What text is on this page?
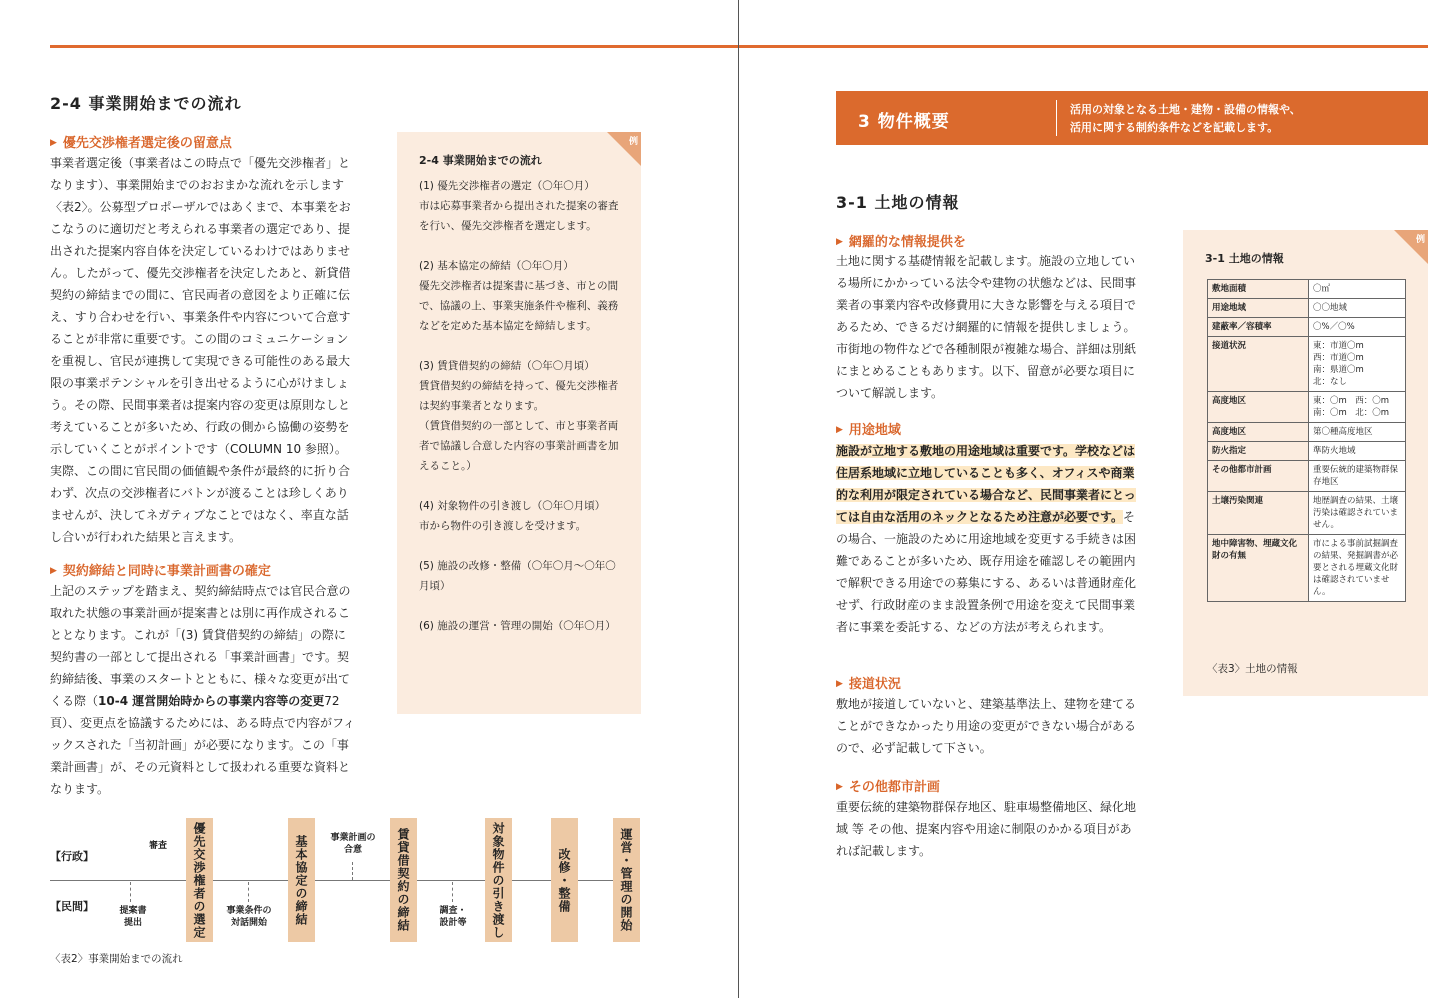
2-4 事業開始までの流れ
▶ 優先交渉権者選定後の留意点

事業者選定後（事業者はこの時点で「優先交渉権者」となります）、事業開始までのおおまかな流れを示します〈表2〉。公募型プロポーザルではあくまで、本事業をおこなうのに適切だと考えられる事業者の選定であり、提出された提案内容自体を決定しているわけではありません。したがって、優先交渉権者を決定したあと、新貸借契約の締結までの間に、官民両者の意図をより正確に伝え、すり合わせを行い、事業条件や内容について合意することが非常に重要です。この間のコミュニケーションを重視し、官民が連携して実現できる可能性のある最大限の事業ポテンシャルを引き出せるように心がけましょう。その際、民間事業者は提案内容の変更は原則なしと考えていることが多いため、行政の側から協働の姿勢を示していくことがポイントです（COLUMN 10 参照）。実際、この間に官民間の価値観や条件が最終的に折り合わず、次点の交渉権者にバトンが渡ることは珍しくありませんが、決してネガティブなことではなく、率直な話し合いが行われた結果と言えます。

▶ 契約締結と同時に事業計画書の確定

上記のステップを踏まえ、契約締結時点では官民合意の取れた状態の事業計画が提案書とは別に再作成されることとなります。これが「(3) 賃貸借契約の締結」の際に契約書の一部として提出される「事業計画書」です。契約締結後、事業のスタートとともに、様々な変更が出てくる際（10-4 運営開始時からの事業内容等の変更72頁）、変更点を協議するためには、ある時点で内容がフィックスされた「当初計画」が必要になります。この「事業計画書」が、その元資料として扱われる重要な資料となります。

例
2-4 事業開始までの流れ

(1) 優先交渉権者の選定（〇年〇月）
市は応募事業者から提出された提案の審査を行い、優先交渉権者を選定します。

(2) 基本協定の締結（〇年〇月）
優先交渉権者は提案書に基づき、市との間で、協議の上、事業実施条件や権利、義務などを定めた基本協定を締結します。

(3) 賃貸借契約の締結（〇年〇月頃）
賃貸借契約の締結を持って、優先交渉権者は契約事業者となります。
（賃貸借契約の一部として、市と事業者両者で協議し合意した内容の事業計画書を加えること。）

(4) 対象物件の引き渡し（〇年〇月頃）
市から物件の引き渡しを受けます。

(5) 施設の改修・整備（〇年〇月～〇年〇月頃）

(6) 施設の運営・管理の開始（〇年〇月）

【行政】
【民間】
審査
事業計画の
合意
提案書
提出
事業条件の
対話開始
調査・
設計等
優先交渉権者の選定	基本協定の締結	賃貸借契約の締結	対象物件の引き渡し	改修・整備	運営・管理の開始
〈表2〉事業開始までの流れ
3 物件概要
活用の対象となる土地・建物・設備の情報や、
活用に関する制約条件などを記載します。
3-1 土地の情報
▶ 網羅的な情報提供を

土地に関する基礎情報を記載します。施設の立地している場所にかかっている法令や建物の状態などは、民間事業者の事業内容や改修費用に大きな影響を与える項目であるため、できるだけ網羅的に情報を提供しましょう。市街地の物件などで各種制限が複雑な場合、詳細は別紙にまとめることもあります。以下、留意が必要な項目について解説します。

▶ 用途地域

施設が立地する敷地の用途地域は重要です。学校などは住居系地域に立地していることも多く、オフィスや商業的な利用が限定されている場合など、民間事業者にとっては自由な活用のネックとなるため注意が必要です。その場合、一施設のために用途地域を変更する手続きは困難であることが多いため、既存用途を確認しその範囲内で解釈できる用途での募集にする、あるいは普通財産化せず、行政財産のまま設置条例で用途を変えて民間事業者に事業を委託する、などの方法が考えられます。

▶ 接道状況

敷地が接道していないと、建築基準法上、建物を建てることができなかったり用途の変更ができない場合があるので、必ず記載して下さい。

▶ その他都市計画

重要伝統的建築物群保存地区、駐車場整備地区、緑化地域 等 その他、提案内容や用途に制限のかかる項目があれば記載します。

例
3-1 土地の情報
〈表3〉土地の情報
敷地面積	〇㎡
用途地域	〇〇地域
建蔽率／容積率	〇%／〇%
接道状況	東：市道〇m
西：市道〇m
南：県道〇m
北：なし
高度地区	東：〇m　西：〇m
南：〇m　北：〇m
高度地区	第〇種高度地区
防火指定	準防火地域
その他都市計画	重要伝統的建築物群保存地区
土壌汚染関連	地歴調査の結果、土壌汚染は確認されていません。
地中障害物、埋蔵文化財の有無	市による事前試掘調査の結果、発掘調書が必要とされる埋蔵文化財は確認されていません。
